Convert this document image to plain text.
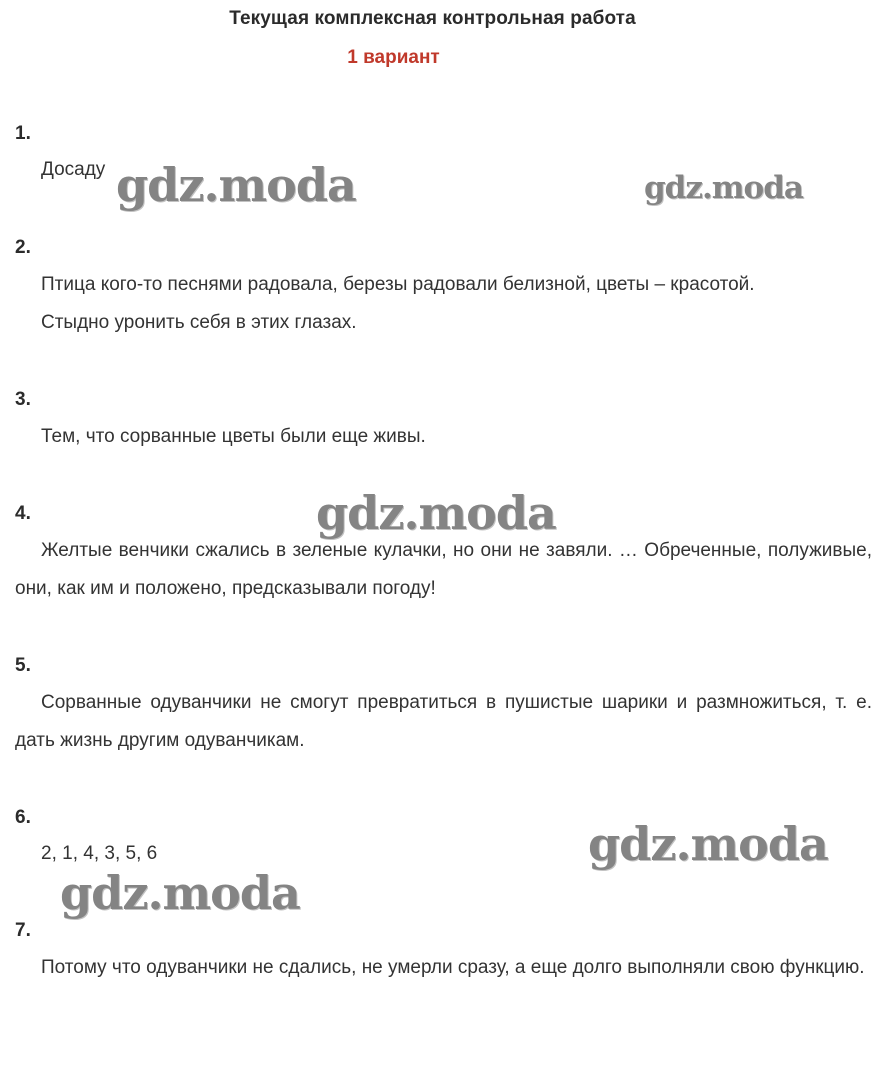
Текущая комплексная контрольная работа
1 вариант
1.

Досаду

2.

Птица кого-то песнями радовала, березы радовали белизной, цветы – красотой.

Стыдно уронить себя в этих глазах.

3.

Тем, что сорванные цветы были еще живы.

4.

Желтые венчики сжались в зеленые кулачки, но они не завяли. … Обреченные, полуживые, они, как им и положено, предсказывали погоду!

5.

Сорванные одуванчики не смогут превратиться в пушистые шарики и размножиться, т. е. дать жизнь другим одуванчикам.

6.

2, 1, 4, 3, 5, 6

7.

Потому что одуванчики не сдались, не умерли сразу, а еще долго выполняли свою функцию.

gdz.moda	gdz.moda
gdz.moda
gdz.moda
gdz.moda
